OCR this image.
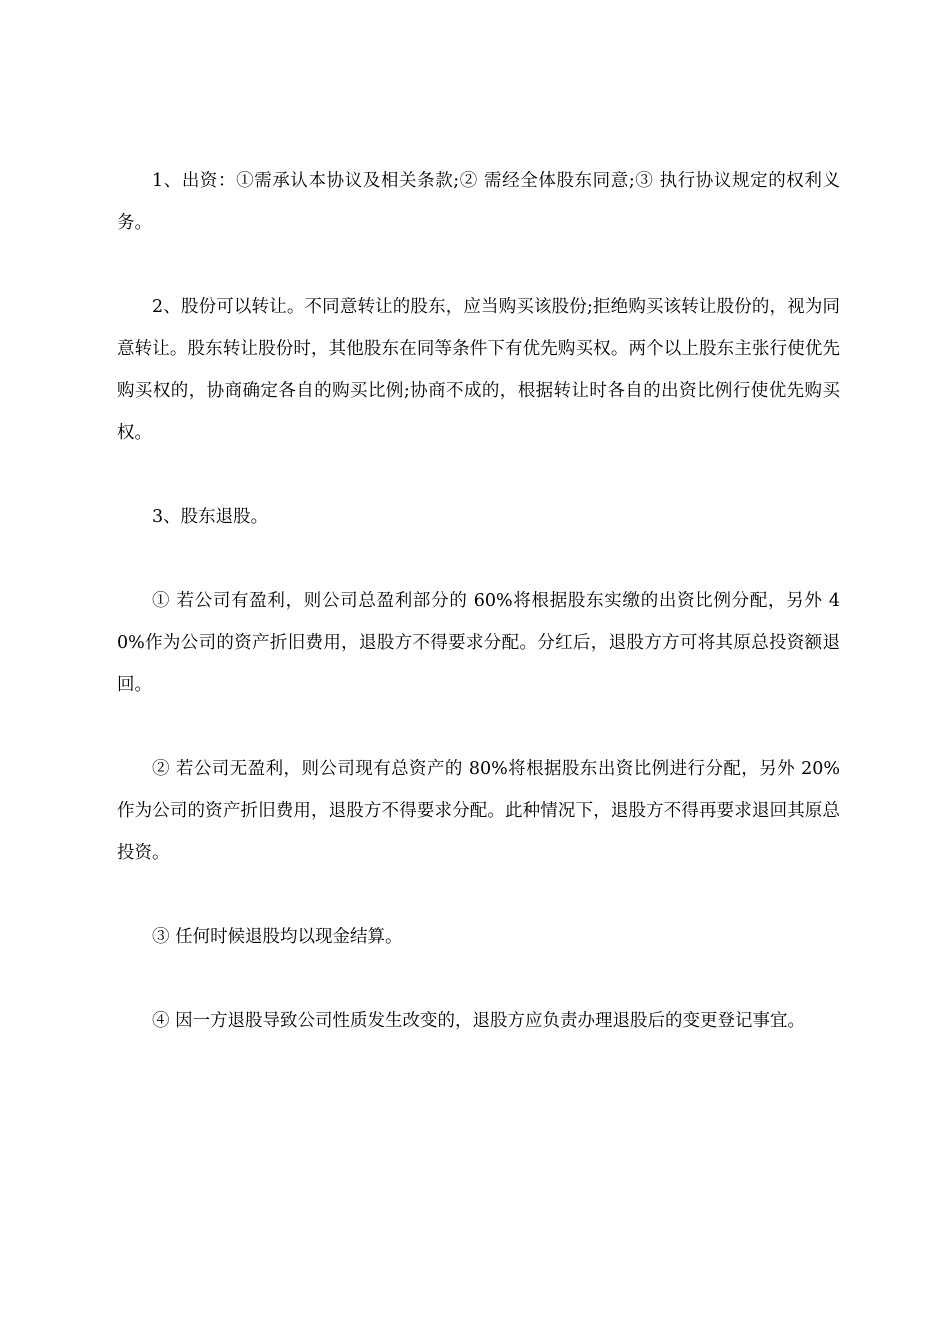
1、出资：①需承认本协议及相关条款;② 需经全体股东同意;③ 执行协议规定的权利义务。

2、股份可以转让。不同意转让的股东，应当购买该股份;拒绝购买该转让股份的，视为同意转让。股东转让股份时，其他股东在同等条件下有优先购买权。两个以上股东主张行使优先购买权的，协商确定各自的购买比例;协商不成的，根据转让时各自的出资比例行使优先购买权。

3、股东退股。

① 若公司有盈利，则公司总盈利部分的 60%将根据股东实缴的出资比例分配，另外 40%作为公司的资产折旧费用，退股方不得要求分配。分红后，退股方方可将其原总投资额退回。

② 若公司无盈利，则公司现有总资产的 80%将根据股东出资比例进行分配，另外 20%作为公司的资产折旧费用，退股方不得要求分配。此种情况下，退股方不得再要求退回其原总投资。

③ 任何时候退股均以现金结算。

④ 因一方退股导致公司性质发生改变的，退股方应负责办理退股后的变更登记事宜。
